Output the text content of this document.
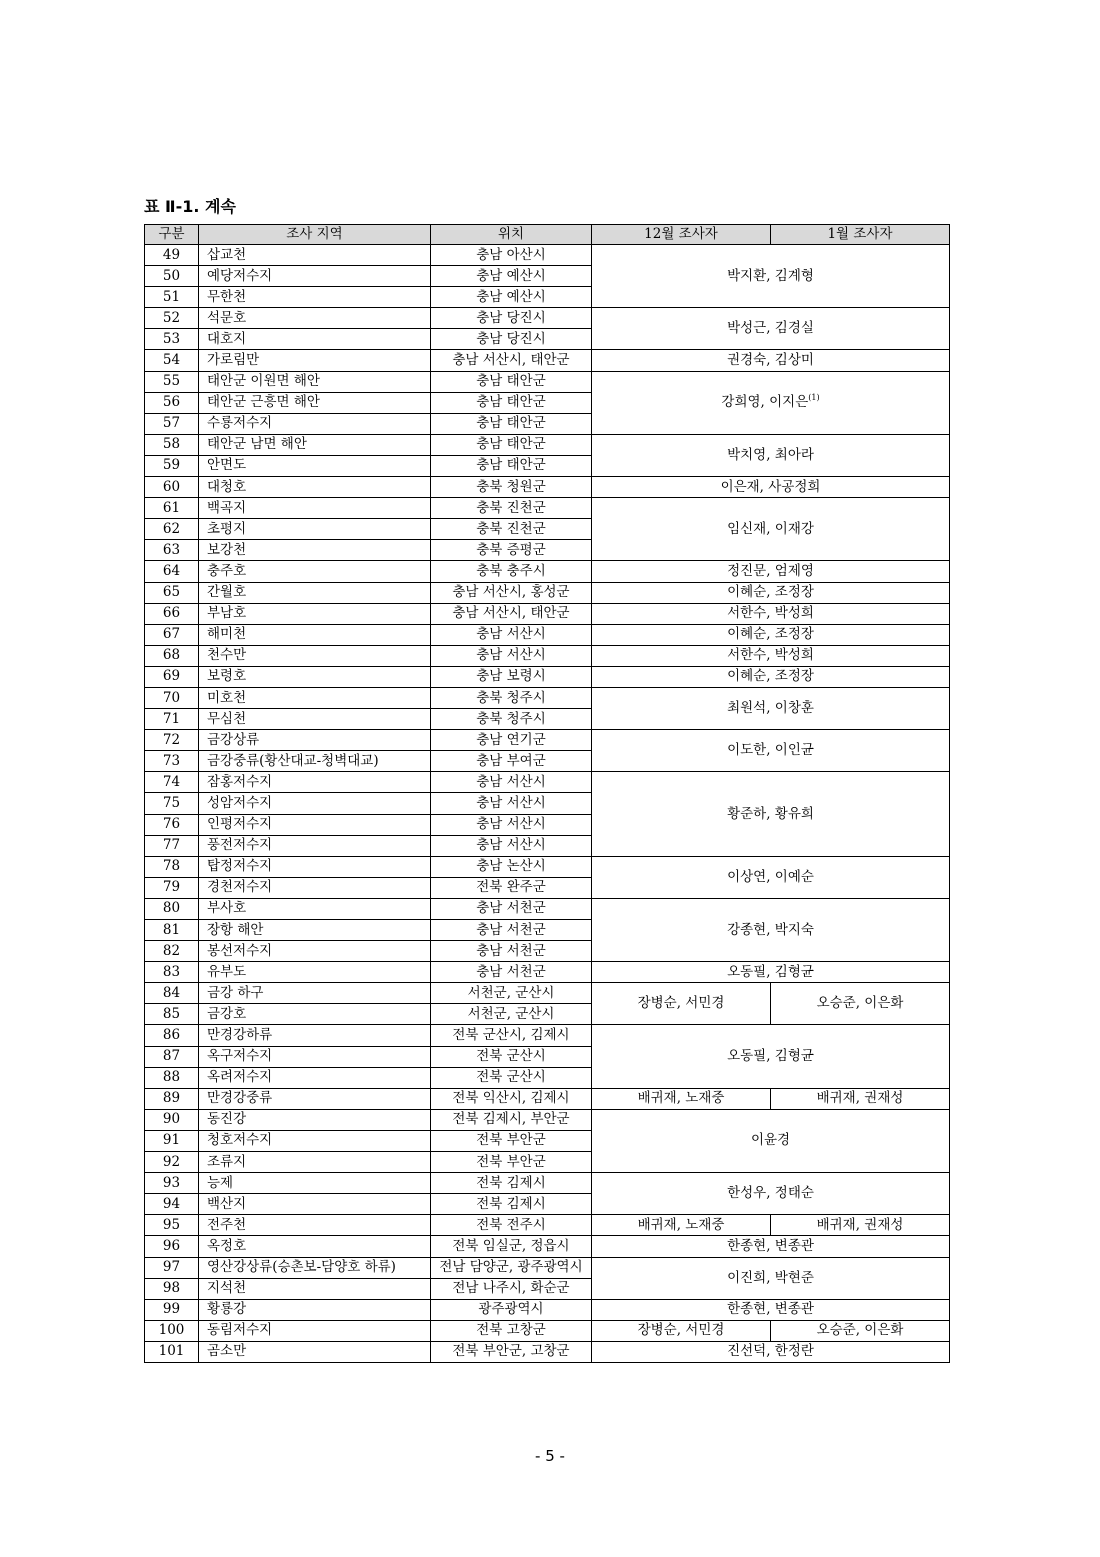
표 Ⅱ-1. 계속
구분	조사 지역	위치	12월 조사자	1월 조사자
49	삽교천	충남 아산시	박지환, 김계형	
50	예당저수지	충남 예산시		
51	무한천	충남 예산시		
52	석문호	충남 당진시	박성근, 김경실	
53	대호지	충남 당진시		
54	가로림만	충남 서산시, 태안군	권경숙, 김상미	
55	태안군 이원면 해안	충남 태안군	강희영, 이지은$^{(1)}$
56	태안군 근흥면 해안	충남 태안군		
57	수룡저수지	충남 태안군		
58	태안군 남면 해안	충남 태안군	박치영, 최아라	
59	안면도	충남 태안군		
60	대청호	충북 청원군	이은재, 사공정희	
61	백곡지	충북 진천군	임신재, 이재강	
62	초평지	충북 진천군		
63	보강천	충북 증평군		
64	충주호	충북 충주시	정진문, 엄제영	
65	간월호	충남 서산시, 홍성군	이혜순, 조정장	
66	부남호	충남 서산시, 태안군	서한수, 박성희	
67	해미천	충남 서산시	이혜순, 조정장	
68	천수만	충남 서산시	서한수, 박성희	
69	보령호	충남 보령시	이혜순, 조정장	
70	미호천	충북 청주시	최원석, 이창훈	
71	무심천	충북 청주시		
72	금강상류	충남 연기군	이도한, 이인균	
73	금강중류(황산대교-청벽대교)	충남 부여군		
74	잠홍저수지	충남 서산시	황준하, 황유희	
75	성암저수지	충남 서산시		
76	인평저수지	충남 서산시		
77	풍전저수지	충남 서산시		
78	탑정저수지	충남 논산시	이상연, 이예순	
79	경천저수지	전북 완주군		
80	부사호	충남 서천군	강종현, 박지숙	
81	장항 해안	충남 서천군		
82	봉선저수지	충남 서천군		
83	유부도	충남 서천군	오동필, 김형균	
84	금강 하구	서천군, 군산시	장병순, 서민경	오승준, 이은화
85	금강호	서천군, 군산시		
86	만경강하류	전북 군산시, 김제시	오동필, 김형균	
87	옥구저수지	전북 군산시		
88	옥려저수지	전북 군산시		
89	만경강중류	전북 익산시, 김제시	배귀재, 노재중	배귀재, 권재성
90	동진강	전북 김제시, 부안군	이윤경	
91	청호저수지	전북 부안군		
92	조류지	전북 부안군		
93	능제	전북 김제시	한성우, 정태순	
94	백산지	전북 김제시		
95	전주천	전북 전주시	배귀재, 노재중	배귀재, 권재성
96	옥정호	전북 임실군, 정읍시	한종현, 변종관	
97	영산강상류(승촌보-담양호 하류)	전남 담양군, 광주광역시	이진희, 박현준	
98	지석천	전남 나주시, 화순군		
99	황룡강	광주광역시	한종현, 변종관	
100	동림저수지	전북 고창군	장병순, 서민경	오승준, 이은화
101	곰소만	전북 부안군, 고창군	진선덕, 한정란	
- 5 -
